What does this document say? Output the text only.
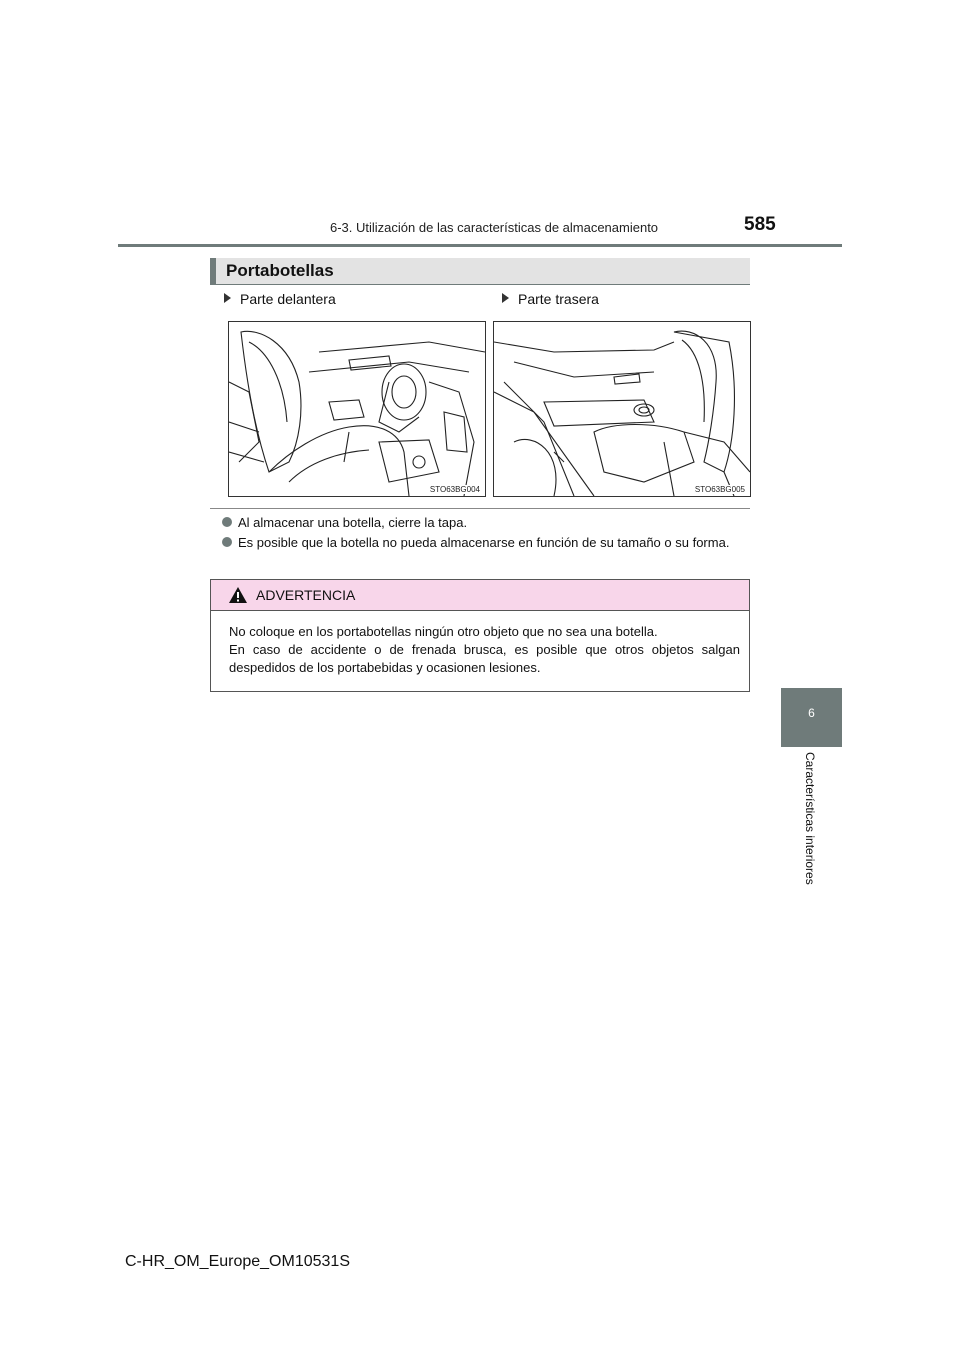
6-3. Utilización de las características de almacenamiento	585
Portabotellas
Parte delantera	Parte trasera
STO63BG004	STO63BG005
Al almacenar una botella, cierre la tapa.
Es posible que la botella no pueda almacenarse en función de su tamaño o su forma.
ADVERTENCIA
No coloque en los portabotellas ningún otro objeto que no sea una botella.
En caso de accidente o de frenada brusca, es posible que otros objetos salgan despedidos de los portabebidas y ocasionen lesiones.
6
Características interiores
C-HR_OM_Europe_OM10531S
